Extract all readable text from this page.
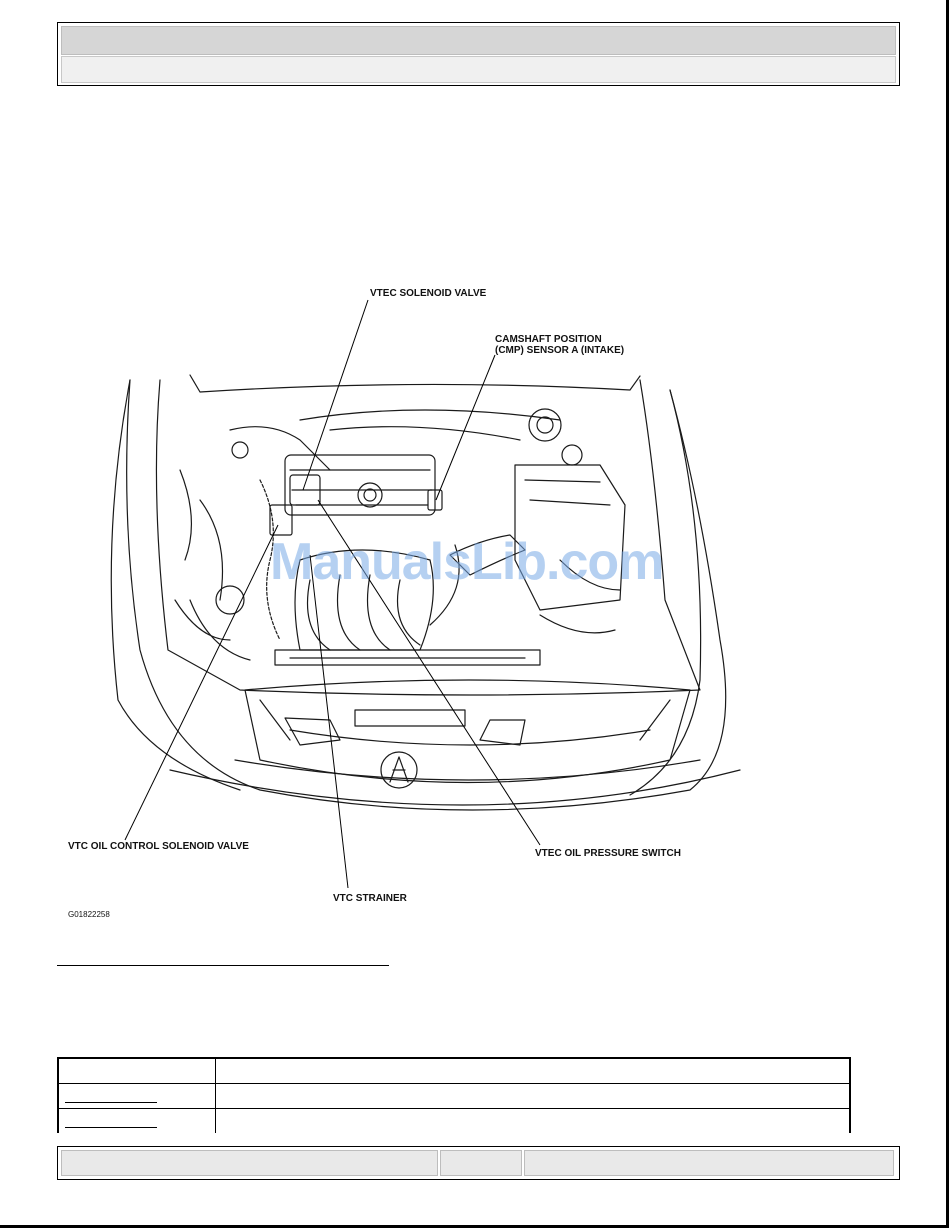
VTEC SOLENOID VALVE
CAMSHAFT POSITION
(CMP) SENSOR A (INTAKE)
VTC OIL CONTROL SOLENOID VALVE
VTEC OIL PRESSURE SWITCH
VTC STRAINER
G01822258
ManualsLib.com
